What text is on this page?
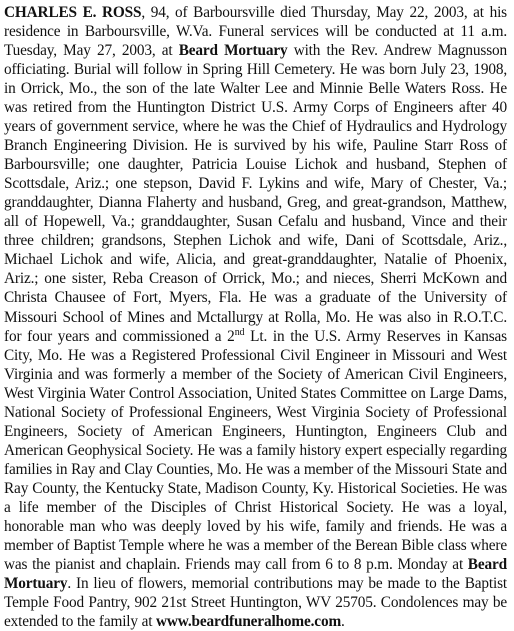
CHARLES E. ROSS, 94, of Barboursville died Thursday, May 22, 2003, at his residence in Barboursville, W.Va. Funeral services will be conducted at 11 a.m. Tuesday, May 27, 2003, at Beard Mortuary with the Rev. Andrew Magnusson officiating. Burial will follow in Spring Hill Cemetery. He was born July 23, 1908, in Orrick, Mo., the son of the late Walter Lee and Minnie Belle Waters Ross. He was retired from the Huntington District U.S. Army Corps of Engineers after 40 years of government service, where he was the Chief of Hydraulics and Hydrology Branch Engineering Division. He is survived by his wife, Pauline Starr Ross of Barboursville; one daughter, Patricia Louise Lichok and husband, Stephen of Scottsdale, Ariz.; one stepson, David F. Lykins and wife, Mary of Chester, Va.; granddaughter, Dianna Flaherty and husband, Greg, and great-grandson, Matthew, all of Hopewell, Va.; granddaughter, Susan Cefalu and husband, Vince and their three children; grandsons, Stephen Lichok and wife, Dani of Scottsdale, Ariz., Michael Lichok and wife, Alicia, and great-granddaughter, Natalie of Phoenix, Ariz.; one sister, Reba Creason of Orrick, Mo.; and nieces, Sherri McKown and Christa Chausee of Fort, Myers, Fla. He was a graduate of the University of Missouri School of Mines and Mctallurgy at Rolla, Mo. He was also in R.O.T.C. for four years and commissioned a 2nd Lt. in the U.S. Army Reserves in Kansas City, Mo. He was a Registered Professional Civil Engineer in Missouri and West Virginia and was formerly a member of the Society of American Civil Engineers, West Virginia Water Control Association, United States Committee on Large Dams, National Society of Professional Engineers, West Virginia Society of Professional Engineers, Society of American Engineers, Huntington, Engineers Club and American Geophysical Society. He was a family history expert especially regarding families in Ray and Clay Counties, Mo. He was a member of the Missouri State and Ray County, the Kentucky State, Madison County, Ky. Historical Societies. He was a life member of the Disciples of Christ Historical Society. He was a loyal, honorable man who was deeply loved by his wife, family and friends. He was a member of Baptist Temple where he was a member of the Berean Bible class where was the pianist and chaplain. Friends may call from 6 to 8 p.m. Monday at Beard Mortuary. In lieu of flowers, memorial contributions may be made to the Baptist Temple Food Pantry, 902 21st Street Huntington, WV 25705. Condolences may be extended to the family at www.beardfuneralhome.com.
